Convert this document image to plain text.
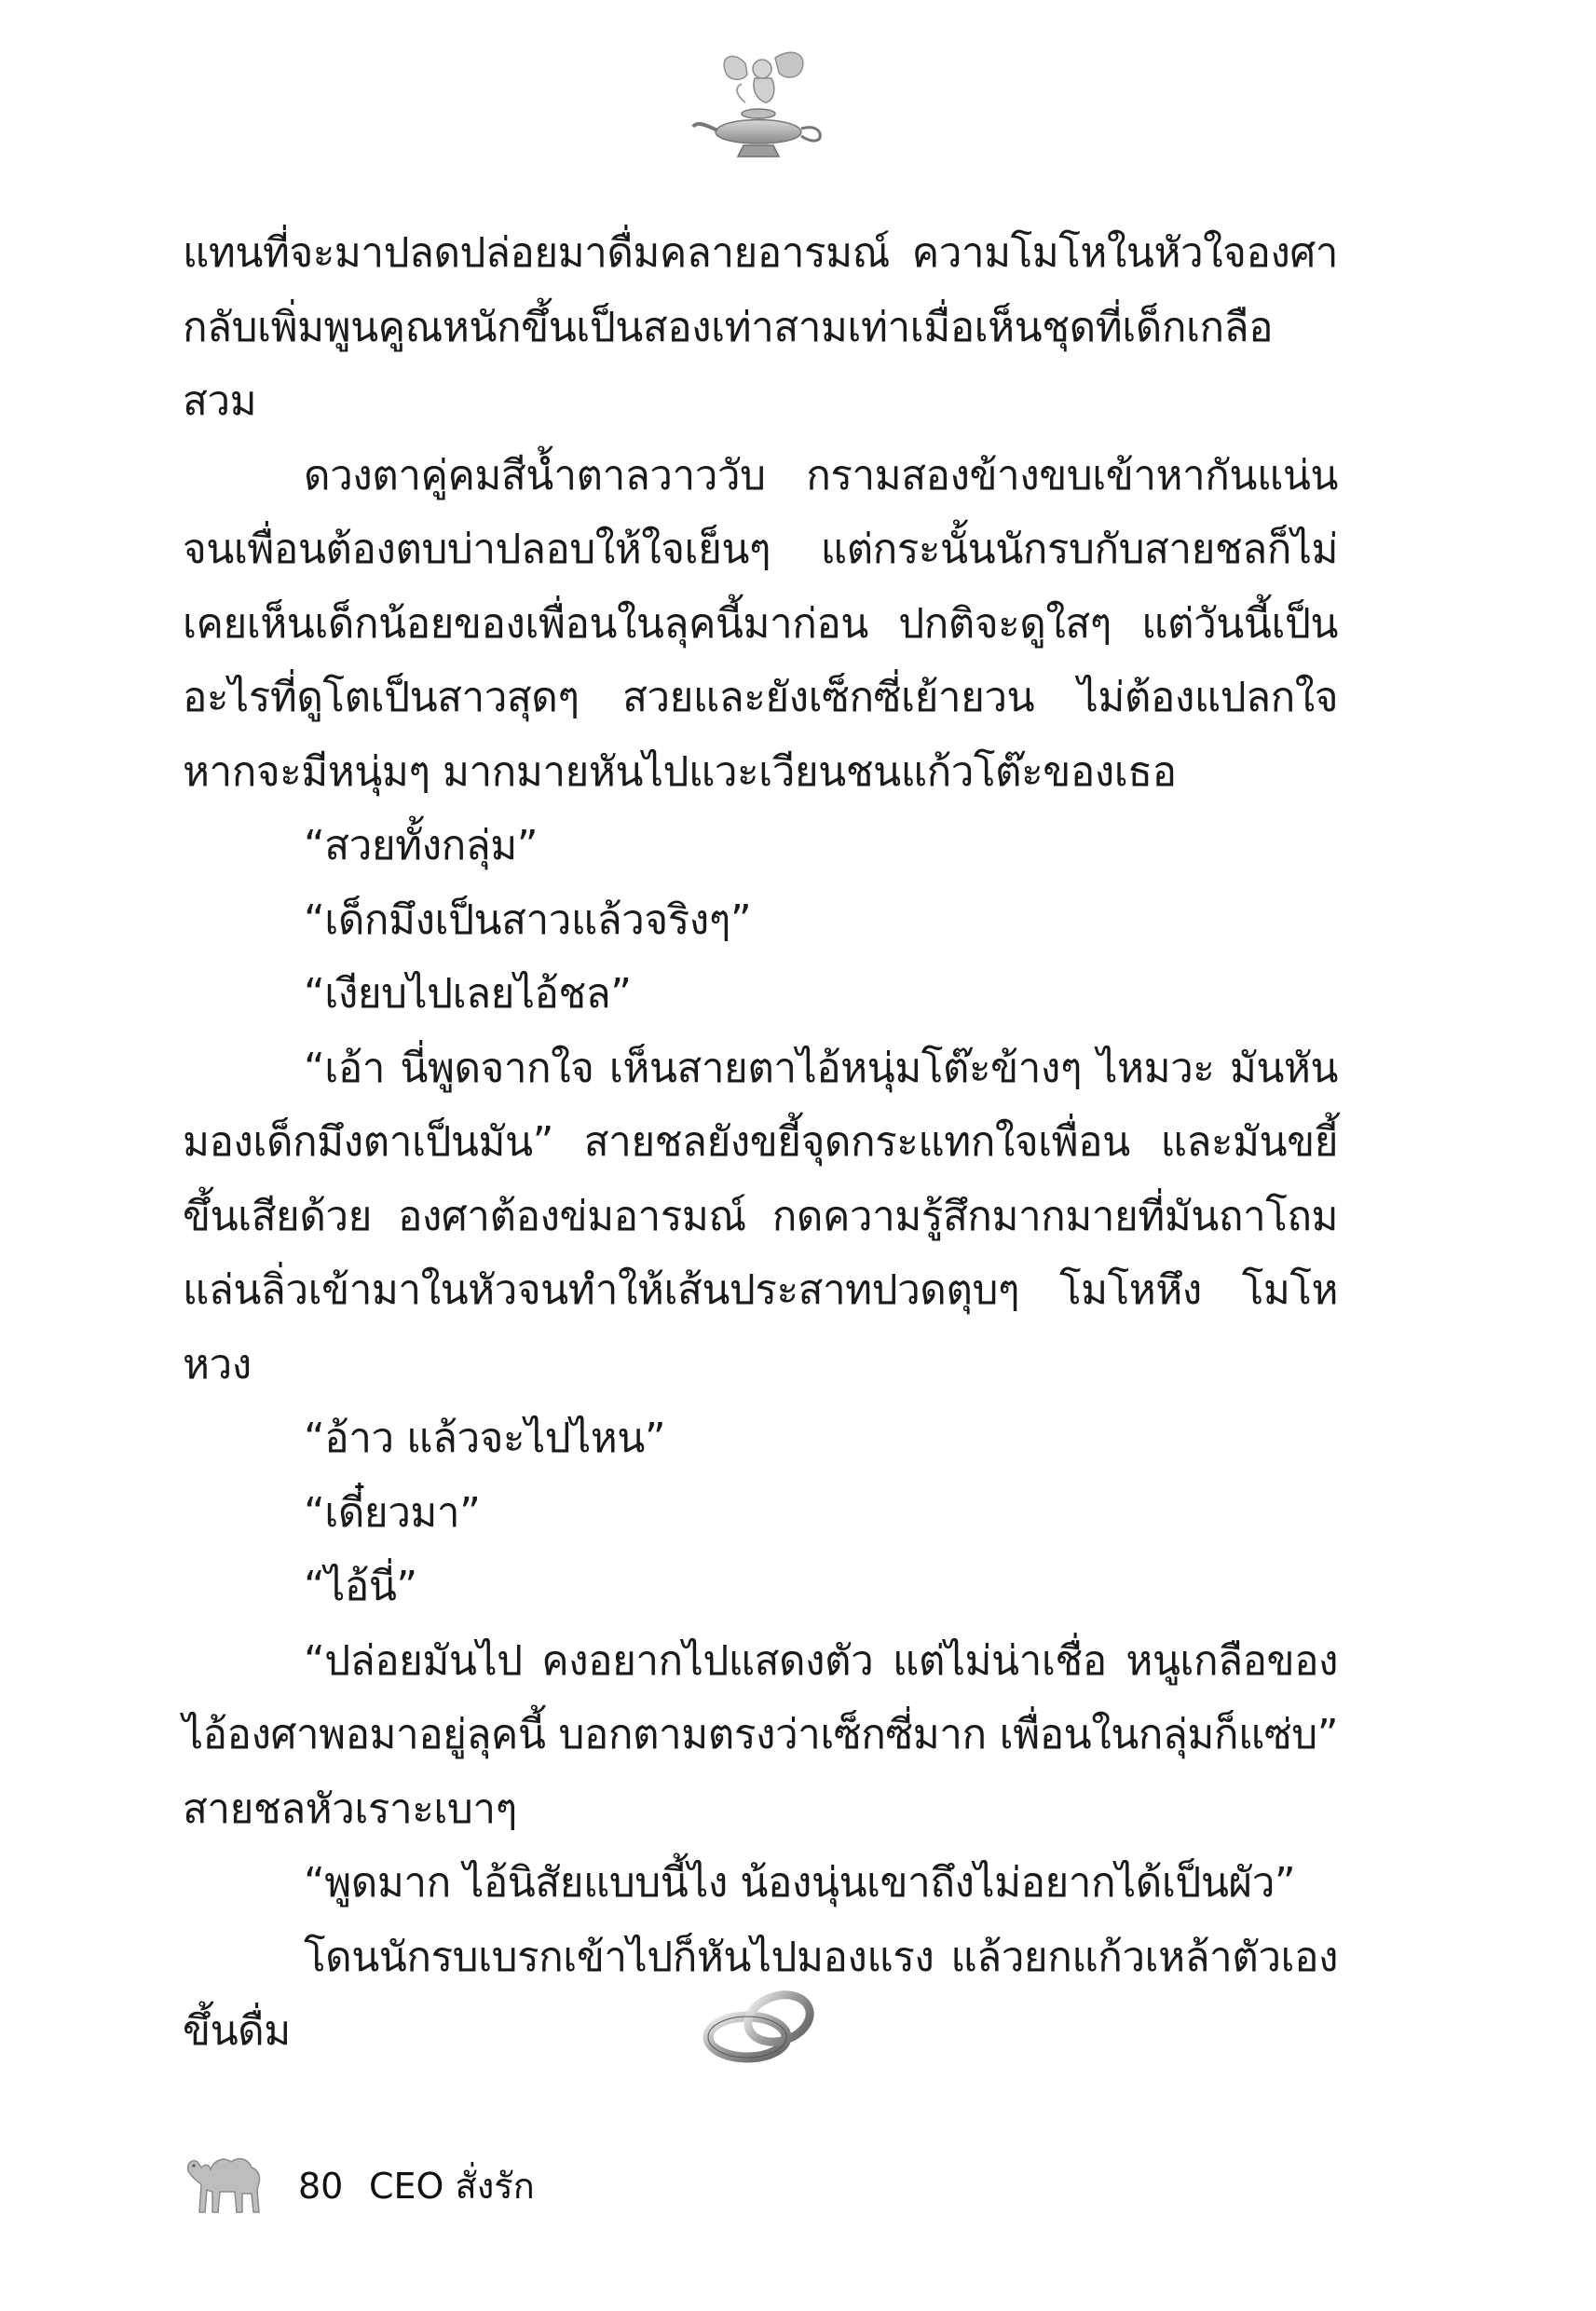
แทนที่จะมาปลดปล่อยมาดื่มคลายอารมณ์ ความโมโหในหัวใจองศากลับเพิ่มพูนคูณหนักขึ้นเป็นสองเท่าสามเท่าเมื่อเห็นชุดที่เด็กเกลือสวม

ดวงตาคู่คมสีน้ำตาลวาววับ กรามสองข้างขบเข้าหากันแน่นจนเพื่อนต้องตบบ่าปลอบให้ใจเย็นๆ แต่กระนั้นนักรบกับสายชลก็ไม่เคยเห็นเด็กน้อยของเพื่อนในลุคนี้มาก่อน ปกติจะดูใสๆ แต่วันนี้เป็นอะไรที่ดูโตเป็นสาวสุดๆ สวยและยังเซ็กซี่เย้ายวน ไม่ต้องแปลกใจหากจะมีหนุ่มๆ มากมายหันไปแวะเวียนชนแก้วโต๊ะของเธอ

“สวยทั้งกลุ่ม”

“เด็กมึงเป็นสาวแล้วจริงๆ”

“เงียบไปเลยไอ้ชล”

“เอ้า นี่พูดจากใจ เห็นสายตาไอ้หนุ่มโต๊ะข้างๆ ไหมวะ มันหันมองเด็กมึงตาเป็นมัน” สายชลยังขยี้จุดกระแทกใจเพื่อน และมันขยี้ขึ้นเสียด้วย องศาต้องข่มอารมณ์ กดความรู้สึกมากมายที่มันถาโถมแล่นลิ่วเข้ามาในหัวจนทำให้เส้นประสาทปวดตุบๆ โมโหหึง โมโหหวง

“อ้าว แล้วจะไปไหน”

“เดี๋ยวมา”

“ไอ้นี่”

“ปล่อยมันไป คงอยากไปแสดงตัว แต่ไม่น่าเชื่อ หนูเกลือของไอ้องศาพอมาอยู่ลุคนี้ บอกตามตรงว่าเซ็กซี่มาก เพื่อนในกลุ่มก็แซ่บ” สายชลหัวเราะเบาๆ

“พูดมาก ไอ้นิสัยแบบนี้ไง น้องนุ่นเขาถึงไม่อยากได้เป็นผัว”

โดนนักรบเบรกเข้าไปก็หันไปมองแรง แล้วยกแก้วเหล้าตัวเองขึ้นดื่ม

80 CEO สั่งรัก
